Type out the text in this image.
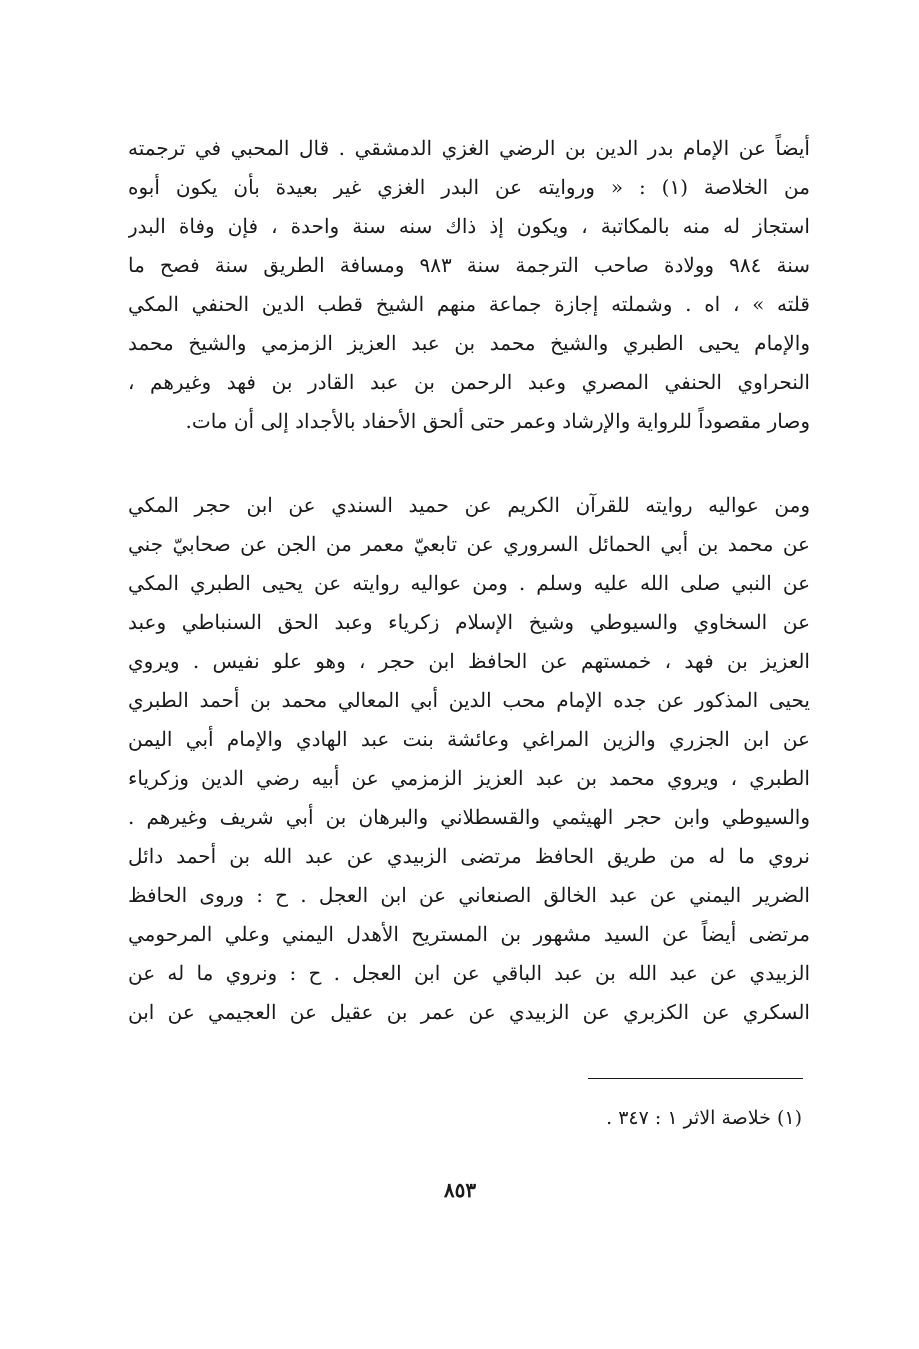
أيضاً عن الإمام بدر الدين بن الرضي الغزي الدمشقي . قال المحبي في ترجمته
من الخلاصة (١) : « وروايته عن البدر الغزي غير بعيدة بأن يكون أبوه
استجاز له منه بالمكاتبة ، ويكون إذ ذاك سنه سنة واحدة ، فإن وفاة البدر
سنة ٩٨٤ وولادة صاحب الترجمة سنة ٩٨٣ ومسافة الطريق سنة فصح ما
قلته » ، اه . وشملته إجازة جماعة منهم الشيخ قطب الدين الحنفي المكي
والإمام يحيى الطبري والشيخ محمد بن عبد العزيز الزمزمي والشيخ محمد
النحراوي الحنفي المصري وعبد الرحمن بن عبد القادر بن فهد وغيرهم ،
وصار مقصوداً للرواية والإرشاد وعمر حتى ألحق الأحفاد بالأجداد إلى أن مات.
ومن عواليه روايته للقرآن الكريم عن حميد السندي عن ابن حجر المكي
عن محمد بن أبي الحمائل السروري عن تابعيّ معمر من الجن عن صحابيّ جني
عن النبي صلى الله عليه وسلم . ومن عواليه روايته عن يحيى الطبري المكي
عن السخاوي والسيوطي وشيخ الإسلام زكرياء وعبد الحق السنباطي وعبد
العزيز بن فهد ، خمستهم عن الحافظ ابن حجر ، وهو علو نفيس . ويروي
يحيى المذكور عن جده الإمام محب الدين أبي المعالي محمد بن أحمد الطبري
عن ابن الجزري والزين المراغي وعائشة بنت عبد الهادي والإمام أبي اليمن
الطبري ، ويروي محمد بن عبد العزيز الزمزمي عن أبيه رضي الدين وزكرياء
والسيوطي وابن حجر الهيثمي والقسطلاني والبرهان بن أبي شريف وغيرهم .
نروي ما له من طريق الحافظ مرتضى الزبيدي عن عبد الله بن أحمد دائل
الضرير اليمني عن عبد الخالق الصنعاني عن ابن العجل . ح : وروى الحافظ
مرتضى أيضاً عن السيد مشهور بن المستريح الأهدل اليمني وعلي المرحومي
الزبيدي عن عبد الله بن عبد الباقي عن ابن العجل . ح : ونروي ما له عن
السكري عن الكزبري عن الزبيدي عن عمر بن عقيل عن العجيمي عن ابن
(١) خلاصة الاثر ١ : ٣٤٧ .
٨٥٣
